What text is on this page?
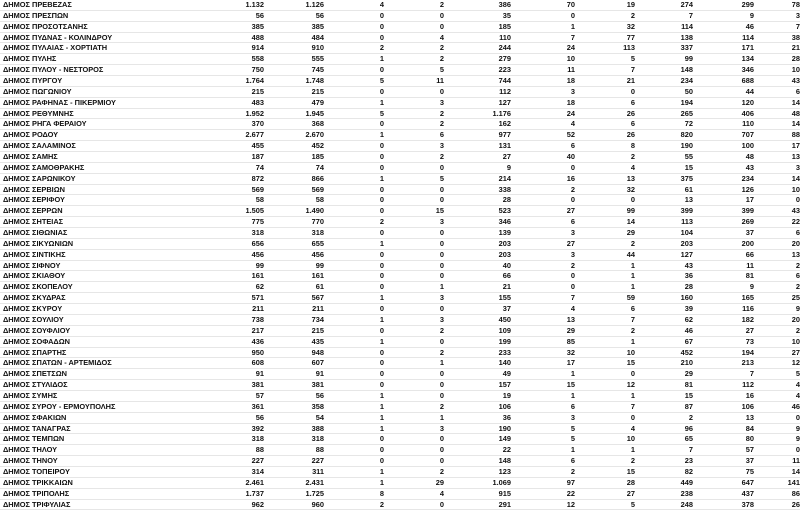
ΔΗΜΟΣ ΠΡΕΒΕΖΑΣ	1.132	1.126	4	2	386	70	19	274	299	78
ΔΗΜΟΣ ΠΡΕΣΠΩΝ	56	56	0	0	35	0	2	7	9	3
ΔΗΜΟΣ ΠΡΟΣΟΤΣΑΝΗΣ	385	385	0	0	185	1	32	114	46	7
ΔΗΜΟΣ ΠΥΔΝΑΣ - ΚΟΛΙΝΔΡΟΥ	488	484	0	4	110	7	77	138	114	38
ΔΗΜΟΣ ΠΥΛΑΙΑΣ - ΧΟΡΤΙΑΤΗ	914	910	2	2	244	24	113	337	171	21
ΔΗΜΟΣ ΠΥΛΗΣ	558	555	1	2	279	10	5	99	134	28
ΔΗΜΟΣ ΠΥΛΟΥ - ΝΕΣΤΟΡΟΣ	750	745	0	5	223	11	7	148	346	10
ΔΗΜΟΣ ΠΥΡΓΟΥ	1.764	1.748	5	11	744	18	21	234	688	43
ΔΗΜΟΣ ΠΩΓΩΝΙΟΥ	215	215	0	0	112	3	0	50	44	6
ΔΗΜΟΣ ΡΑΦΗΝΑΣ - ΠΙΚΕΡΜΙΟΥ	483	479	1	3	127	18	6	194	120	14
ΔΗΜΟΣ ΡΕΘΥΜΝΗΣ	1.952	1.945	5	2	1.176	24	26	265	406	48
ΔΗΜΟΣ ΡΗΓΑ ΦΕΡΑΙΟΥ	370	368	0	2	162	4	6	72	110	14
ΔΗΜΟΣ ΡΟΔΟΥ	2.677	2.670	1	6	977	52	26	820	707	88
ΔΗΜΟΣ ΣΑΛΑΜΙΝΟΣ	455	452	0	3	131	6	8	190	100	17
ΔΗΜΟΣ ΣΑΜΗΣ	187	185	0	2	27	40	2	55	48	13
ΔΗΜΟΣ ΣΑΜΟΘΡΑΚΗΣ	74	74	0	0	9	0	4	15	43	3
ΔΗΜΟΣ ΣΑΡΩΝΙΚΟΥ	872	866	1	5	214	16	13	375	234	14
ΔΗΜΟΣ ΣΕΡΒΙΩΝ	569	569	0	0	338	2	32	61	126	10
ΔΗΜΟΣ ΣΕΡΙΦΟΥ	58	58	0	0	28	0	0	13	17	0
ΔΗΜΟΣ ΣΕΡΡΩΝ	1.505	1.490	0	15	523	27	99	399	399	43
ΔΗΜΟΣ ΣΗΤΕΙΑΣ	775	770	2	3	346	6	14	113	269	22
ΔΗΜΟΣ ΣΙΘΩΝΙΑΣ	318	318	0	0	139	3	29	104	37	6
ΔΗΜΟΣ ΣΙΚΥΩΝΙΩΝ	656	655	1	0	203	27	2	203	200	20
ΔΗΜΟΣ ΣΙΝΤΙΚΗΣ	456	456	0	0	203	3	44	127	66	13
ΔΗΜΟΣ ΣΙΦΝΟΥ	99	99	0	0	40	2	1	43	11	2
ΔΗΜΟΣ ΣΚΙΑΘΟΥ	161	161	0	0	66	0	1	36	81	6
ΔΗΜΟΣ ΣΚΟΠΕΛΟΥ	62	61	0	1	21	0	1	28	9	2
ΔΗΜΟΣ ΣΚΥΔΡΑΣ	571	567	1	3	155	7	59	160	165	25
ΔΗΜΟΣ ΣΚΥΡΟΥ	211	211	0	0	37	4	6	39	116	9
ΔΗΜΟΣ ΣΟΥΛΙΟΥ	738	734	1	3	450	13	7	62	182	20
ΔΗΜΟΣ ΣΟΥΦΛΙΟΥ	217	215	0	2	109	29	2	46	27	2
ΔΗΜΟΣ ΣΟΦΑΔΩΝ	436	435	1	0	199	85	1	67	73	10
ΔΗΜΟΣ ΣΠΑΡΤΗΣ	950	948	0	2	233	32	10	452	194	27
ΔΗΜΟΣ ΣΠΑΤΩΝ - ΑΡΤΕΜΙΔΟΣ	608	607	0	1	140	17	15	210	213	12
ΔΗΜΟΣ ΣΠΕΤΣΩΝ	91	91	0	0	49	1	0	29	7	5
ΔΗΜΟΣ ΣΤΥΛΙΔΟΣ	381	381	0	0	157	15	12	81	112	4
ΔΗΜΟΣ ΣΥΜΗΣ	57	56	1	0	19	1	1	15	16	4
ΔΗΜΟΣ ΣΥΡΟΥ - ΕΡΜΟΥΠΟΛΗΣ	361	358	1	2	106	6	7	87	106	46
ΔΗΜΟΣ ΣΦΑΚΙΩΝ	56	54	1	1	36	3	0	2	13	0
ΔΗΜΟΣ ΤΑΝΑΓΡΑΣ	392	388	1	3	190	5	4	96	84	9
ΔΗΜΟΣ ΤΕΜΠΩΝ	318	318	0	0	149	5	10	65	80	9
ΔΗΜΟΣ ΤΗΛΟΥ	88	88	0	0	22	1	1	7	57	0
ΔΗΜΟΣ ΤΗΝΟΥ	227	227	0	0	148	6	2	23	37	11
ΔΗΜΟΣ ΤΟΠΕΙΡΟΥ	314	311	1	2	123	2	15	82	75	14
ΔΗΜΟΣ ΤΡΙΚΚΑΙΩΝ	2.461	2.431	1	29	1.069	97	28	449	647	141
ΔΗΜΟΣ ΤΡΙΠΟΛΗΣ	1.737	1.725	8	4	915	22	27	238	437	86
ΔΗΜΟΣ ΤΡΙΦΥΛΙΑΣ	962	960	2	0	291	12	5	248	378	26
